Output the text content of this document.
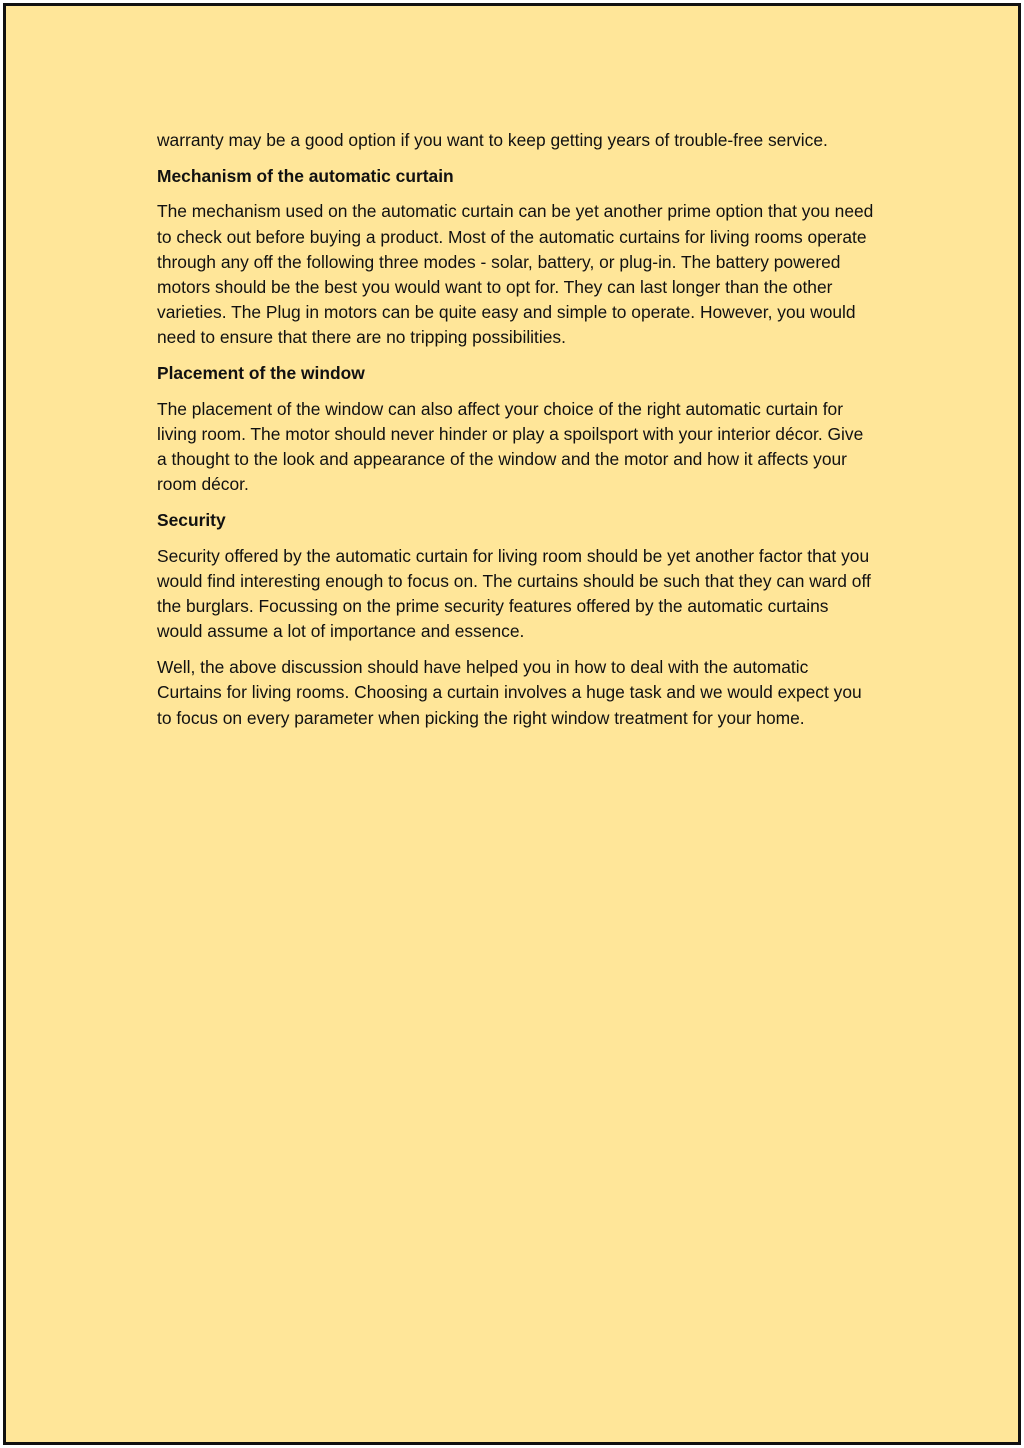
warranty may be a good option if you want to keep getting years of trouble-free service.

Mechanism of the automatic curtain

The mechanism used on the automatic curtain can be yet another prime option that you need to check out before buying a product. Most of the automatic curtains for living rooms operate through any off the following three modes - solar, battery, or plug-in. The battery powered motors should be the best you would want to opt for. They can last longer than the other varieties. The Plug in motors can be quite easy and simple to operate. However, you would need to ensure that there are no tripping possibilities.

Placement of the window

The placement of the window can also affect your choice of the right automatic curtain for living room. The motor should never hinder or play a spoilsport with your interior décor. Give a thought to the look and appearance of the window and the motor and how it affects your room décor.

Security

Security offered by the automatic curtain for living room should be yet another factor that you would find interesting enough to focus on. The curtains should be such that they can ward off the burglars. Focussing on the prime security features offered by the automatic curtains would assume a lot of importance and essence.

Well, the above discussion should have helped you in how to deal with the automatic Curtains for living rooms. Choosing a curtain involves a huge task and we would expect you to focus on every parameter when picking the right window treatment for your home.
